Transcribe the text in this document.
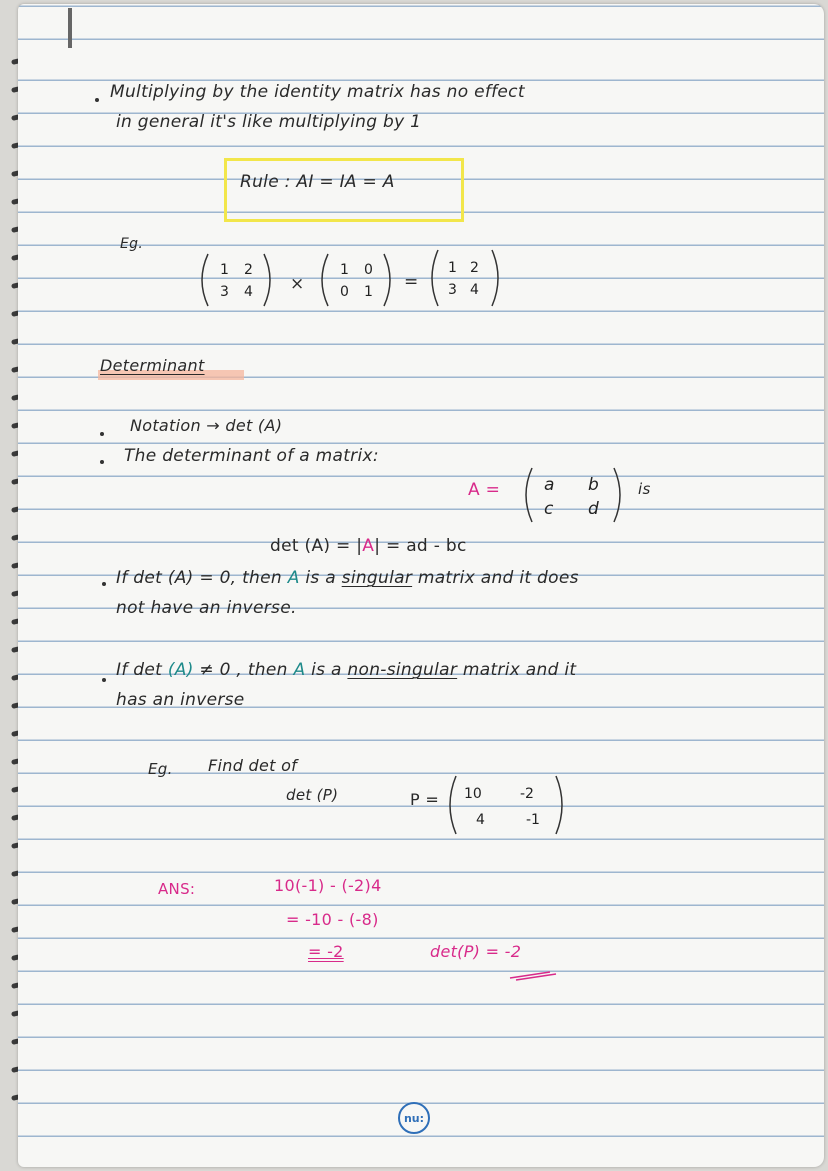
Multiplying by the identity matrix has no effect
in general it's like multiplying by 1
Rule : AI = IA = A
Eg.
1 2
3 4 ×
1 0
0 1 =
1 2
3 4
Determinant
Notation → det (A)
The determinant of a matrix:
A =	a b
c d
is
det (A) = |A| = ad - bc
If det (A) = 0, then A is a singular matrix and it does
not have an inverse.
If det (A) ≠ 0 , then A is a non-singular matrix and it
has an inverse
Eg. Find det of
det (P)	P = 10	-2
4	-1
ANS:	10(-1) - (-2)4
= -10 - (-8)
= -2	det(P) = -2
nu:
